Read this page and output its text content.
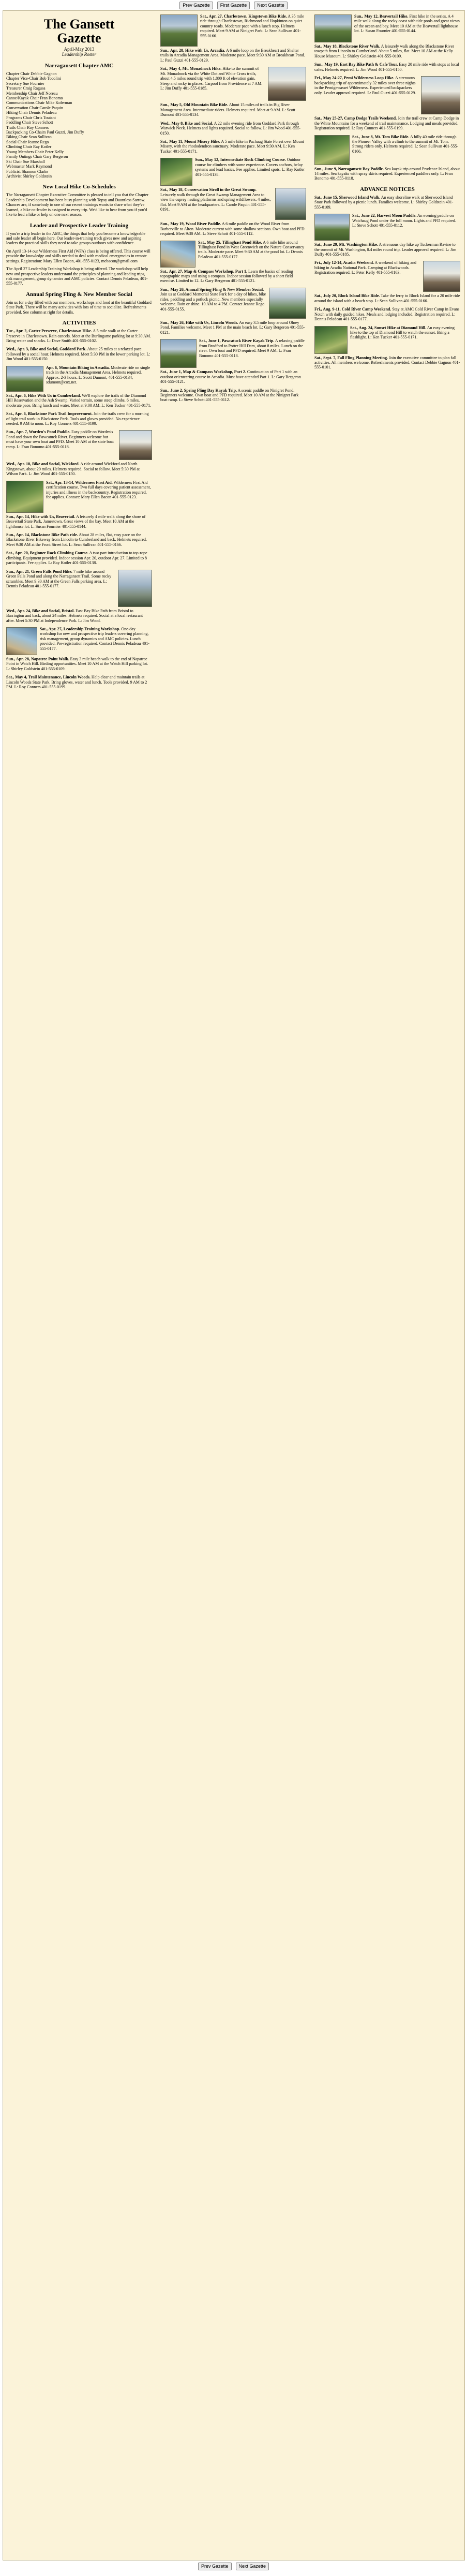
Prev Gazette First Gazette Next Gazette
The Gansett
Gazette
April-May 2013
Leadership Roster
Narragansett Chapter AMC

Chapter Chair Debbie Gagnon

Chapter Vice-Chair Bob Tocolini

Secretary Sue Fournier

Treasurer Craig Ragusa

Membership Chair Jeff Noreau

Canoe/Kayak Chair Fran Bonomo

Communications Chair Mike Kolerman

Conservation Chair Carole Paquin

Hiking Chair Dennis Peladeau

Programs Chair Chris Toutant

Paddling Chair Steve Schott

Trails Chair Roy Conners

Backpacking Co-Chairs Paul Guzzi, Jim Duffy

Biking Chair Sean Sullivan

Social Chair Jeanne Rego

Climbing Chair Ray Kotler

Young Members Chair Peter Kelly

Family Outings Chair Gary Bergeron

Ski Chair Sue Marshall

Webmaster Mark Raymond

Publicist Shannon Clarke

Archivist Shirley Goldstein

New Local Hike Co-Schedules

The Narragansett Chapter Executive Committee is pleased to tell you that the Chapter Leadership Development has been busy planning with Topsy and Dauntless Sarrow. Chances are, if somebody in one of our recent trainings wants to share what they've learned, a hike co-leader is assigned to every trip. We'd like to hear from you if you'd like to lead a hike or help on one next season.

Leader and Prospective Leader Training

If you're a trip leader in the AMC, the things that help you become a knowledgeable and safe leader all begin here. Our leader-in-training track gives new and aspiring leaders the practical skills they need to take groups outdoors with confidence.

On April 13-14 our Wilderness First Aid (WFA) class is being offered. This course will provide the knowledge and skills needed to deal with medical emergencies in remote settings. Registration: Mary Ellen Bacon, 401-555-0123, mebacon@gmail.com

The April 27 Leadership Training Workshop is being offered. The workshop will help new and prospective leaders understand the principles of planning and leading trips, risk management, group dynamics and AMC policies. Contact Dennis Peladeau, 401-555-0177.

Annual Spring Fling & New Member Social

Join us for a day filled with our members, workshops and food at the beautiful Goddard State Park. There will be many activities with lots of time to socialize. Refreshments provided. See column at right for details.

ACTIVITIES
Tue., Apr. 2, Carter Preserve, Charlestown Hike. A 5 mile walk at the Carter Preserve in Charlestown. Rain cancels. Meet at the Burlingame parking lot at 9:30 AM. Bring water and snacks. L: Dave Smith 401-555-0102.
Wed., Apr. 3, Bike and Social, Goddard Park. About 25 miles at a relaxed pace followed by a social hour. Helmets required. Meet 5:30 PM in the lower parking lot. L: Jim Wood 401-555-0150.
Apr. 6, Mountain Biking in Arcadia. Moderate ride on single track in the Arcadia Management Area. Helmets required. Approx. 2-3 hours. L: Scott Dumont, 401-555-0134, sdumont@cox.net.
Sat., Apr. 6, Hike With Us in Cumberland. We'll explore the trails of the Diamond Hill Reservation and the Ash Swamp. Varied terrain, some steep climbs. 6 miles, moderate pace. Bring lunch and water. Meet at 9:00 AM. L: Ken Tucker 401-555-0171.
Sat., Apr. 6, Blackstone Park Trail Improvement. Join the trails crew for a morning of light trail work in Blackstone Park. Tools and gloves provided. No experience needed. 9 AM to noon. L: Roy Conners 401-555-0199.
Sun., Apr. 7, Worden's Pond Paddle. Easy paddle on Worden's Pond and down the Pawcatuck River. Beginners welcome but must have your own boat and PFD. Meet 10 AM at the state boat ramp. L: Fran Bonomo 401-555-0118.
Wed., Apr. 10, Bike and Social, Wickford. A ride around Wickford and North Kingstown, about 20 miles. Helmets required. Social to follow. Meet 5:30 PM at Wilson Park. L: Jim Wood 401-555-0150.
Sat., Apr. 13-14, Wilderness First Aid. Wilderness First Aid certification course. Two full days covering patient assessment, injuries and illness in the backcountry. Registration required, fee applies. Contact: Mary Ellen Bacon 401-555-0123.
Sun., Apr. 14, Hike with Us, Beavertail. A leisurely 4 mile walk along the shore of Beavertail State Park, Jamestown. Great views of the bay. Meet 10 AM at the lighthouse lot. L: Susan Fournier 401-555-0144.
Sun., Apr. 14, Blackstone Bike Path ride. About 28 miles, flat, easy pace on the Blackstone River Bikeway from Lincoln to Cumberland and back. Helmets required. Meet 9:30 AM at the Front Street lot. L: Sean Sullivan 401-555-0166.
Sat., Apr. 20, Beginner Rock Climbing Course. A two part introduction to top-rope climbing. Equipment provided. Indoor session Apr. 20, outdoor Apr. 27. Limited to 8 participants. Fee applies. L: Ray Kotler 401-555-0138.
Sun., Apr. 21, Green Falls Pond Hike. 7 mile hike around Green Falls Pond and along the Narragansett Trail. Some rocky scrambles. Meet 9:30 AM at the Green Falls parking area. L: Dennis Peladeau 401-555-0177.
Wed., Apr. 24, Bike and Social, Bristol. East Bay Bike Path from Bristol to Barrington and back, about 24 miles. Helmets required. Social at a local restaurant after. Meet 5:30 PM at Independence Park. L: Jim Wood.
Sat., Apr. 27, Leadership Training Workshop. One-day workshop for new and prospective trip leaders covering planning, risk management, group dynamics and AMC policies. Lunch provided. Pre-registration required. Contact Dennis Peladeau 401-555-0177.
Sun., Apr. 28, Napatree Point Walk. Easy 3 mile beach walk to the end of Napatree Point in Watch Hill. Birding opportunities. Meet 10 AM at the Watch Hill parking lot. L: Shirley Goldstein 401-555-0109.
Sat., May 4, Trail Maintenance, Lincoln Woods. Help clear and maintain trails at Lincoln Woods State Park. Bring gloves, water and lunch. Tools provided. 9 AM to 2 PM. L: Roy Conners 401-555-0199.
Sat., Apr. 27, Charlestown, Kingstown Bike Ride. A 35 mile ride through Charlestown, Richmond and Hopkinton on quiet country roads. Moderate pace with a lunch stop. Helmets required. Meet 9 AM at Ninigret Park. L: Sean Sullivan 401-555-0166.
Sun., Apr. 28, Hike with Us, Arcadia. A 6 mile loop on the Breakheart and Shelter trails in Arcadia Management Area. Moderate pace. Meet 9:30 AM at Breakheart Pond. L: Paul Guzzi 401-555-0129.
Sat., May 4, Mt. Monadnock Hike. Hike to the summit of Mt. Monadnock via the White Dot and White Cross trails, about 4.5 miles round trip with 1,800 ft of elevation gain. Steep and rocky in places. Carpool from Providence at 7 AM. L: Jim Duffy 401-555-0185.
Sun., May 5, Old Mountain Bike Ride. About 15 miles of trails in Big River Management Area. Intermediate riders. Helmets required. Meet at 9 AM. L: Scott Dumont 401-555-0134.
Wed., May 8, Bike and Social. A 22 mile evening ride from Goddard Park through Warwick Neck. Helmets and lights required. Social to follow. L: Jim Wood 401-555-0150.
Sat., May 11, Mount Misery Hike. A 5 mile hike in Pachaug State Forest over Mount Misery, with the rhododendron sanctuary. Moderate pace. Meet 9:30 AM. L: Ken Tucker 401-555-0171.
Sun., May 12, Intermediate Rock Climbing Course. Outdoor course for climbers with some experience. Covers anchors, belay systems and lead basics. Fee applies. Limited spots. L: Ray Kotler 401-555-0138.
Sat., May 18, Conservation Stroll in the Great Swamp. Leisurely walk through the Great Swamp Management Area to view the osprey nesting platforms and spring wildflowers. 4 miles, flat. Meet 9 AM at the headquarters. L: Carole Paquin 401-555-0191.
Sun., May 19, Wood River Paddle. A 6 mile paddle on the Wood River from Barberville to Alton. Moderate current with some shallow sections. Own boat and PFD required. Meet 9:30 AM. L: Steve Schott 401-555-0112.
Sat., May 25, Tillinghast Pond Hike. A 6 mile hike around Tillinghast Pond in West Greenwich on the Nature Conservancy trails. Moderate pace. Meet 9:30 AM at the pond lot. L: Dennis Peladeau 401-555-0177.
Sat., Apr. 27, Map & Compass Workshop, Part 1. Learn the basics of reading topographic maps and using a compass. Indoor session followed by a short field exercise. Limited to 12. L: Gary Bergeron 401-555-0121.
Sun., May 26, Annual Spring Fling & New Member Social. Join us at Goddard Memorial State Park for a day of hikes, bike rides, paddling and a potluck picnic. New members especially welcome. Rain or shine. 10 AM to 4 PM. Contact Jeanne Rego 401-555-0155.
Sun., May 26, Hike with Us, Lincoln Woods. An easy 3.5 mile loop around Olney Pond. Families welcome. Meet 1 PM at the main beach lot. L: Gary Bergeron 401-555-0121.
Sat., June 1, Pawcatuck River Kayak Trip. A relaxing paddle from Bradford to Potter Hill Dam, about 8 miles. Lunch on the river. Own boat and PFD required. Meet 9 AM. L: Fran Bonomo 401-555-0118.
Sat., June 1, Map & Compass Workshop, Part 2. Continuation of Part 1 with an outdoor orienteering course in Arcadia. Must have attended Part 1. L: Gary Bergeron 401-555-0121.
Sun., June 2, Spring Fling Day Kayak Trip. A scenic paddle on Ninigret Pond. Beginners welcome. Own boat and PFD required. Meet 10 AM at the Ninigret Park boat ramp. L: Steve Schott 401-555-0112.
Sun., May 12, Beavertail Hike. First hike in the series. A 4 mile walk along the rocky coast with tide pools and great views of the ocean and bay. Meet 10 AM at the Beavertail lighthouse lot. L: Susan Fournier 401-555-0144.
Sat., May 18, Blackstone River Walk. A leisurely walk along the Blackstone River towpath from Lincoln to Cumberland. About 5 miles, flat. Meet 10 AM at the Kelly House Museum. L: Shirley Goldstein 401-555-0109.
Sun., May 19, East Bay Bike Path & Cafe Tour. Easy 20 mile ride with stops at local cafes. Helmets required. L: Jim Wood 401-555-0150.
Fri., May 24-27, Pemi Wilderness Loop Hike. A strenuous backpacking trip of approximately 32 miles over three nights in the Pemigewasset Wilderness. Experienced backpackers only. Leader approval required. L: Paul Guzzi 401-555-0129.
Sat., May 25-27, Camp Dodge Trails Weekend. Join the trail crew at Camp Dodge in the White Mountains for a weekend of trail maintenance. Lodging and meals provided. Registration required. L: Roy Conners 401-555-0199.
Sat., June 8, Mt. Tom Bike Ride. A hilly 40 mile ride through the Pioneer Valley with a climb to the summit of Mt. Tom. Strong riders only. Helmets required. L: Sean Sullivan 401-555-0166.
Sun., June 9, Narragansett Bay Paddle. Sea kayak trip around Prudence Island, about 14 miles. Sea kayaks with spray skirts required. Experienced paddlers only. L: Fran Bonomo 401-555-0118.
ADVANCE NOTICES
Sat., June 15, Sherwood Island Walk. An easy shoreline walk at Sherwood Island State Park followed by a picnic lunch. Families welcome. L: Shirley Goldstein 401-555-0109.
Sat., June 22, Harvest Moon Paddle. An evening paddle on Watchaug Pond under the full moon. Lights and PFD required. L: Steve Schott 401-555-0112.
Sat., June 29, Mt. Washington Hike. A strenuous day hike up Tuckerman Ravine to the summit of Mt. Washington, 8.4 miles round trip. Leader approval required. L: Jim Duffy 401-555-0185.
Fri., July 12-14, Acadia Weekend. A weekend of hiking and biking in Acadia National Park. Camping at Blackwoods. Registration required. L: Peter Kelly 401-555-0163.
Sat., July 20, Block Island Bike Ride. Take the ferry to Block Island for a 20 mile ride around the island with a beach stop. L: Sean Sullivan 401-555-0166.
Fri., Aug. 9-11, Cold River Camp Weekend. Stay at AMC Cold River Camp in Evans Notch with daily guided hikes. Meals and lodging included. Registration required. L: Dennis Peladeau 401-555-0177.
Sat., Aug. 24, Sunset Hike at Diamond Hill. An easy evening hike to the top of Diamond Hill to watch the sunset. Bring a flashlight. L: Ken Tucker 401-555-0171.
Sat., Sept. 7, Fall Fling Planning Meeting. Join the executive committee to plan fall activities. All members welcome. Refreshments provided. Contact Debbie Gagnon 401-555-0101.
Prev Gazette Next Gazette
